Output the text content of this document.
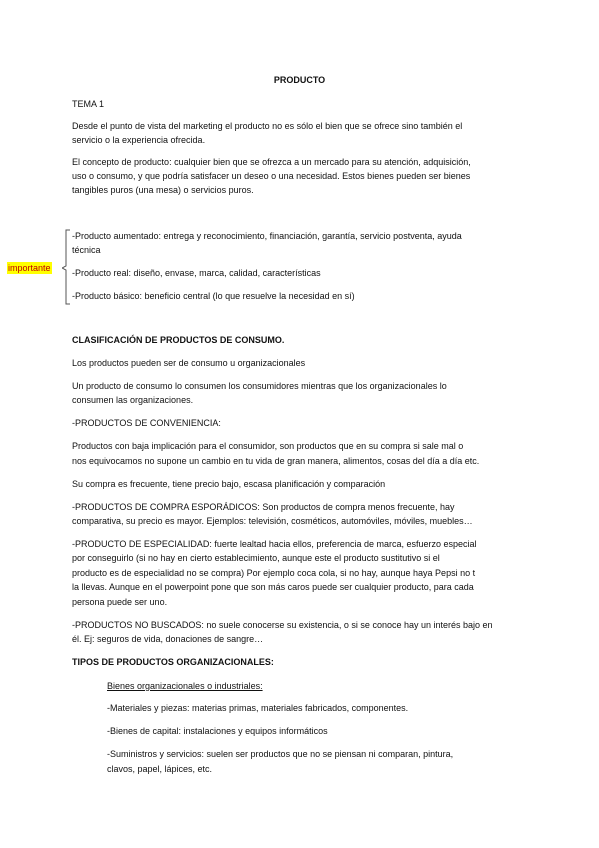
PRODUCTO
TEMA 1
Desde el punto de vista del marketing el producto no es sólo el bien que se ofrece sino también el
servicio o la experiencia ofrecida.
El concepto de producto: cualquier bien que se ofrezca a un mercado para su atención, adquisición,
uso o consumo, y que podría satisfacer un deseo o una necesidad. Estos bienes pueden ser bienes
tangibles puros (una mesa) o servicios puros.
importante
-Producto aumentado: entrega y reconocimiento, financiación, garantía, servicio postventa, ayuda
técnica
-Producto real: diseño, envase, marca, calidad, características
-Producto básico: beneficio central (lo que resuelve la necesidad en sí)
CLASIFICACIÓN DE PRODUCTOS DE CONSUMO.
Los productos pueden ser de consumo u organizacionales
Un producto de consumo lo consumen los consumidores mientras que los organizacionales lo
consumen las organizaciones.
-PRODUCTOS DE CONVENIENCIA:
Productos con baja implicación para el consumidor, son productos que en su compra si sale mal o
nos equivocamos no supone un cambio en tu vida de gran manera, alimentos, cosas del día a día etc.
Su compra es frecuente, tiene precio bajo, escasa planificación y comparación
-PRODUCTOS DE COMPRA ESPORÁDICOS: Son productos de compra menos frecuente, hay
comparativa, su precio es mayor. Ejemplos: televisión, cosméticos, automóviles, móviles, muebles…
-PRODUCTO DE ESPECIALIDAD: fuerte lealtad hacia ellos, preferencia de marca, esfuerzo especial
por conseguirlo (si no hay en cierto establecimiento, aunque este el producto sustitutivo si el
producto es de especialidad no se compra) Por ejemplo coca cola, si no hay, aunque haya Pepsi no t
la llevas. Aunque en el powerpoint pone que son más caros puede ser cualquier producto, para cada
persona puede ser uno.
-PRODUCTOS NO BUSCADOS: no suele conocerse su existencia, o si se conoce hay un interés bajo en
él. Ej: seguros de vida, donaciones de sangre…
TIPOS DE PRODUCTOS ORGANIZACIONALES:
Bienes organizacionales o industriales:
-Materiales y piezas: materias primas, materiales fabricados, componentes.
-Bienes de capital: instalaciones y equipos informáticos
-Suministros y servicios: suelen ser productos que no se piensan ni comparan, pintura,
clavos, papel, lápices, etc.
